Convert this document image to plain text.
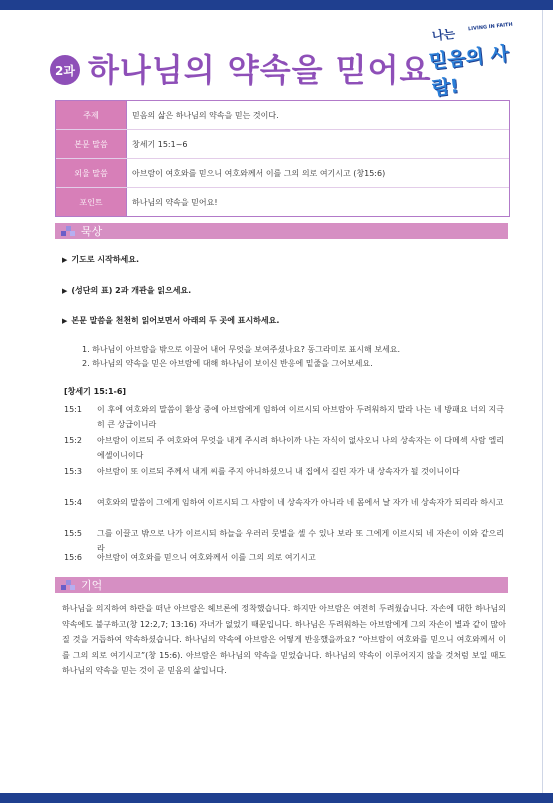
2과 하나님의 약속을 믿어요
나는 LIVING IN FAITH
믿음의 사람!
주제	믿음의 삶은 하나님의 약속을 믿는 것이다.
본문 말씀	창세기 15:1~6
외울 말씀	아브람이 여호와를 믿으니 여호와께서 이를 그의 의로 여기시고 (창15:6)
포인트	하나님의 약속을 믿어요!
묵상
▶ 기도로 시작하세요.
▶ (성단의 표) 2과 개관을 읽으세요.
▶ 본문 말씀을 천천히 읽어보면서 아래의 두 곳에 표시하세요.
1. 하나님이 아브람을 밖으로 이끌어 내어 무엇을 보여주셨나요? 동그라미로 표시해 보세요.
2. 하나님의 약속을 믿은 아브람에 대해 하나님이 보이신 반응에 밑줄을 그어보세요.
[창세기 15:1-6]
15:1 이 후에 여호와의 말씀이 환상 중에 아브람에게 임하여 이르시되 아브람아 두려워하지 말라 나는 네 방패요 너의 지극히 큰 상급이니라
15:2 아브람이 이르되 주 여호와여 무엇을 내게 주시려 하나이까 나는 자식이 없사오니 나의 상속자는 이 다메섹 사람 엘리에셀이니이다
15:3 아브람이 또 이르되 주께서 내게 씨를 주지 아니하셨으니 내 집에서 길린 자가 내 상속자가 될 것이니이다
15:4 여호와의 말씀이 그에게 임하여 이르시되 그 사람이 네 상속자가 아니라 네 몸에서 날 자가 네 상속자가 되리라 하시고
15:5 그를 이끌고 밖으로 나가 이르시되 하늘을 우러러 뭇별을 셀 수 있나 보라 또 그에게 이르시되 네 자손이 이와 같으리라
15:6 아브람이 여호와를 믿으니 여호와께서 이를 그의 의로 여기시고
기억
하나님을 의지하여 하란을 떠난 아브람은 헤브론에 정착했습니다. 하지만 아브람은 여전히 두려웠습니다. 자손에 대한 하나님의 약속에도 불구하고(창 12:2,7; 13:16) 자녀가 없었기 때문입니다. 하나님은 두려워하는 아브람에게 그의 자손이 별과 같이 많아질 것을 거듭하여 약속하셨습니다. 하나님의 약속에 아브람은 어떻게 반응했을까요? “아브람이 여호와를 믿으니 여호와께서 이를 그의 의로 여기시고”(창 15:6). 아브람은 하나님의 약속을 믿었습니다. 하나님의 약속이 이루어지지 않을 것처럼 보일 때도 하나님의 약속을 믿는 것이 곧 믿음의 삶입니다.
